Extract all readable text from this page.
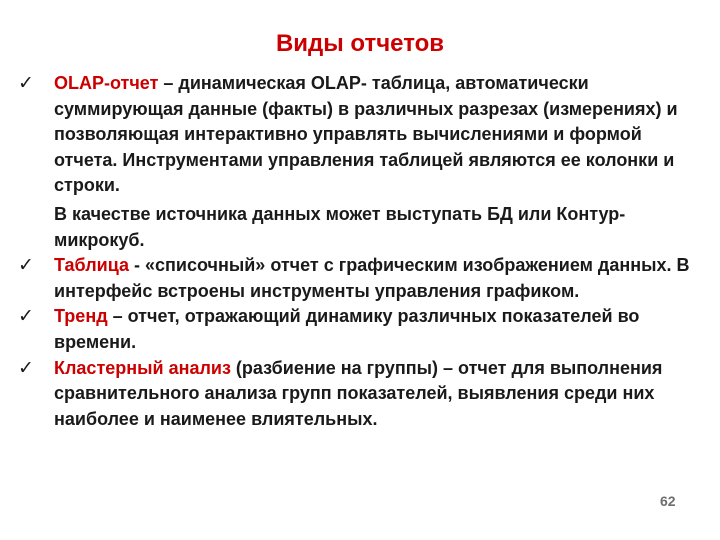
Виды отчетов
✓	OLAP-отчет – динамическая OLAP- таблица, автоматически суммирующая данные (факты) в различных разрезах (измерениях) и позволяющая интерактивно управлять вычислениями и формой отчета. Инструментами управления таблицей являются ее колонки и строки.
В качестве источника данных может выступать БД или Контур-микрокуб.
✓	Таблица - «списочный» отчет с графическим изображением данных. В интерфейс встроены инструменты управления графиком.
✓	Тренд – отчет, отражающий динамику различных показателей во времени.
✓	Кластерный анализ (разбиение на группы) – отчет для выполнения сравнительного анализа групп показателей, выявления среди них наиболее и наименее влиятельных.
62
